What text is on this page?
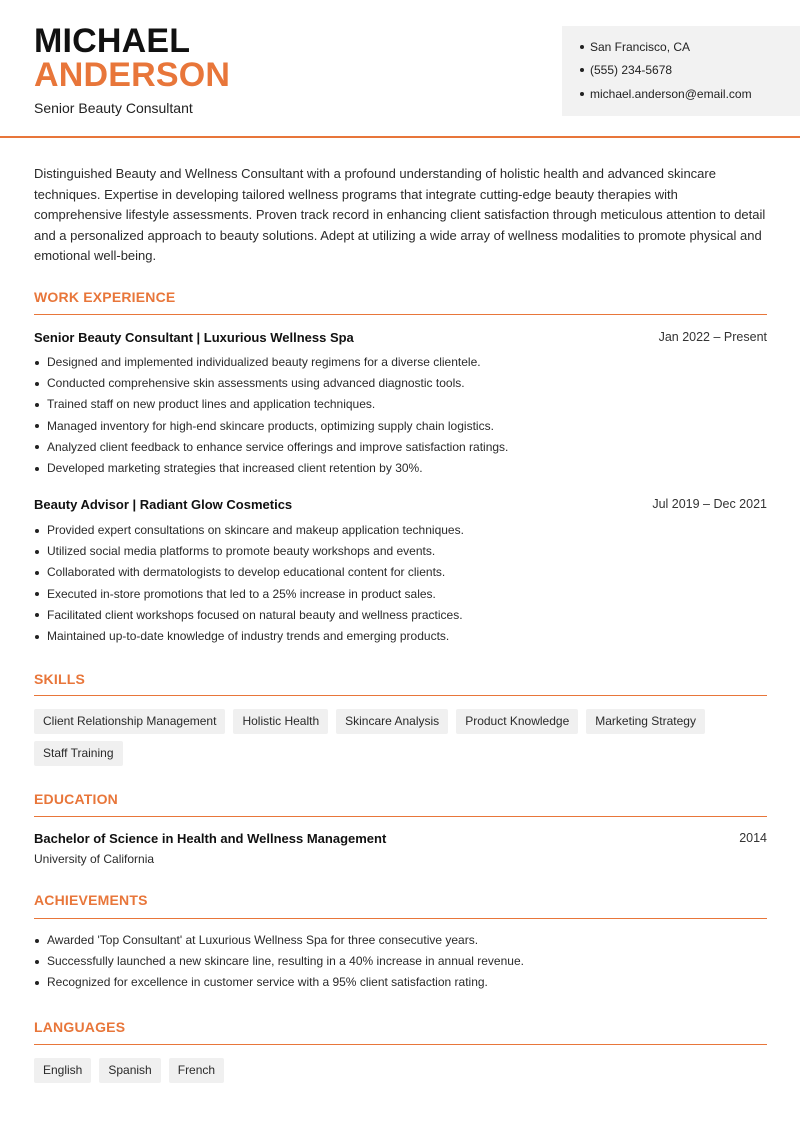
MICHAEL
ANDERSON
Senior Beauty Consultant
San Francisco, CA
(555) 234-5678
michael.anderson@email.com

Distinguished Beauty and Wellness Consultant with a profound understanding of holistic health and advanced skincare techniques. Expertise in developing tailored wellness programs that integrate cutting-edge beauty therapies with comprehensive lifestyle assessments. Proven track record in enhancing client satisfaction through meticulous attention to detail and a personalized approach to beauty solutions. Adept at utilizing a wide array of wellness modalities to promote physical and emotional well-being.

WORK EXPERIENCE
Senior Beauty Consultant | Luxurious Wellness Spa	Jan 2022 – Present
Designed and implemented individualized beauty regimens for a diverse clientele.
Conducted comprehensive skin assessments using advanced diagnostic tools.
Trained staff on new product lines and application techniques.
Managed inventory for high-end skincare products, optimizing supply chain logistics.
Analyzed client feedback to enhance service offerings and improve satisfaction ratings.
Developed marketing strategies that increased client retention by 30%.
Beauty Advisor | Radiant Glow Cosmetics	Jul 2019 – Dec 2021
Provided expert consultations on skincare and makeup application techniques.
Utilized social media platforms to promote beauty workshops and events.
Collaborated with dermatologists to develop educational content for clients.
Executed in-store promotions that led to a 25% increase in product sales.
Facilitated client workshops focused on natural beauty and wellness practices.
Maintained up-to-date knowledge of industry trends and emerging products.
SKILLS
Client Relationship Management	Holistic Health	Skincare Analysis	Product Knowledge	Marketing Strategy
Staff Training
EDUCATION
Bachelor of Science in Health and Wellness Management	2014
University of California
ACHIEVEMENTS
Awarded 'Top Consultant' at Luxurious Wellness Spa for three consecutive years.
Successfully launched a new skincare line, resulting in a 40% increase in annual revenue.
Recognized for excellence in customer service with a 95% client satisfaction rating.
LANGUAGES
English	Spanish	French
